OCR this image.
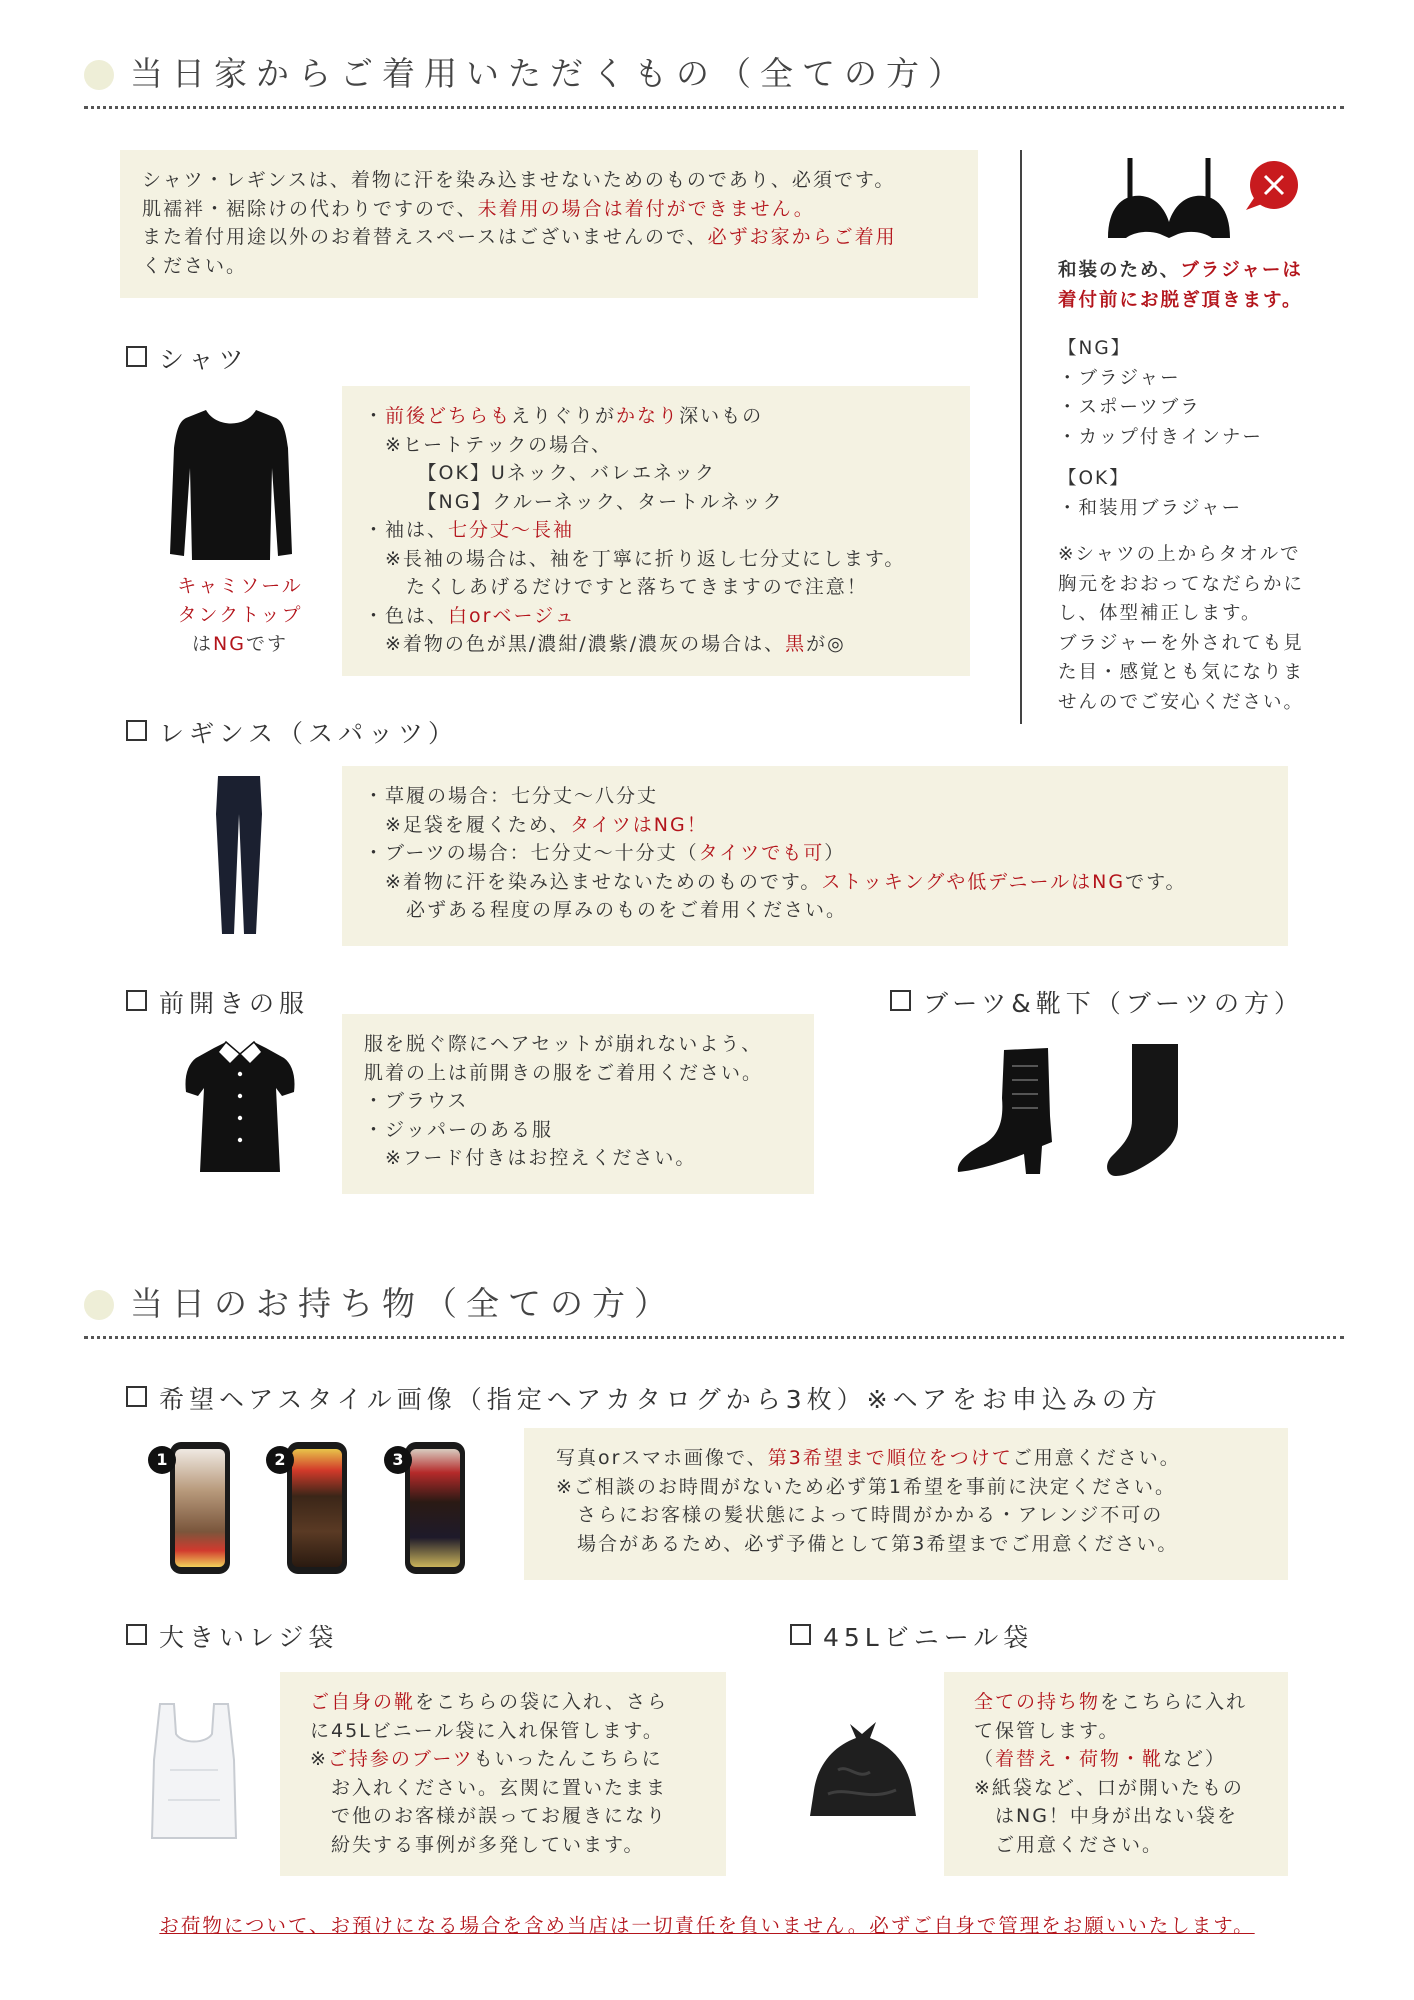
当日家からご着用いただくもの（全ての方）

シャツ・レギンスは、着物に汗を染み込ませないためのものであり、必須です。

肌襦袢・裾除けの代わりですので、未着用の場合は着付ができません。

また着付用途以外のお着替えスペースはございませんので、必ずお家からご着用

ください。	和装のため、ブラジャーは

着付前にお脱ぎ頂きます。

【NG】

・ブラジャー

・スポーツブラ

・カップ付きインナー

【OK】

・和装用ブラジャー

※シャツの上からタオルで

胸元をおおってなだらかに

し、体型補正します。

ブラジャーを外されても見

た目・感覚とも気になりま

せんのでご安心ください。

シャツ

キャミソール

タンクトップ

はNGです

・前後どちらもえりぐりがかなり深いもの

　※ヒートテックの場合、

　　　【OK】Uネック、バレエネック

　　　【NG】クルーネック、タートルネック

・袖は、七分丈〜長袖

　※長袖の場合は、袖を丁寧に折り返し七分丈にします。

　　たくしあげるだけですと落ちてきますので注意！

・色は、白orベージュ

　※着物の色が黒/濃紺/濃紫/濃灰の場合は、黒が◎

レギンス（スパッツ）

・草履の場合：七分丈〜八分丈

　※足袋を履くため、タイツはNG！

・ブーツの場合：七分丈〜十分丈（タイツでも可）

　※着物に汗を染み込ませないためのものです。ストッキングや低デニールはNGです。

　　必ずある程度の厚みのものをご着用ください。

前開きの服

服を脱ぐ際にヘアセットが崩れないよう、

肌着の上は前開きの服をご着用ください。

・ブラウス

・ジッパーのある服

　※フード付きはお控えください。

ブーツ&靴下（ブーツの方）
当日のお持ち物（全ての方）
希望ヘアスタイル画像（指定ヘアカタログから3枚）※ヘアをお申込みの方
1	2	3	写真orスマホ画像で、第3希望まで順位をつけてご用意ください。

※ご相談のお時間がないため必ず第1希望を事前に決定ください。

　さらにお客様の髪状態によって時間がかかる・アレンジ不可の

　場合があるため、必ず予備として第3希望までご用意ください。

大きいレジ袋

ご自身の靴をこちらの袋に入れ、さら

に45Lビニール袋に入れ保管します。

※ご持参のブーツもいったんこちらに

　お入れください。玄関に置いたまま

　で他のお客様が誤ってお履きになり

　紛失する事例が多発しています。

45Lビニール袋

全ての持ち物をこちらに入れ

て保管します。

（着替え・荷物・靴など）

※紙袋など、口が開いたもの

　はNG！中身が出ない袋を

　ご用意ください。

お荷物について、お預けになる場合を含め当店は一切責任を負いません。必ずご自身で管理をお願いいたします。
